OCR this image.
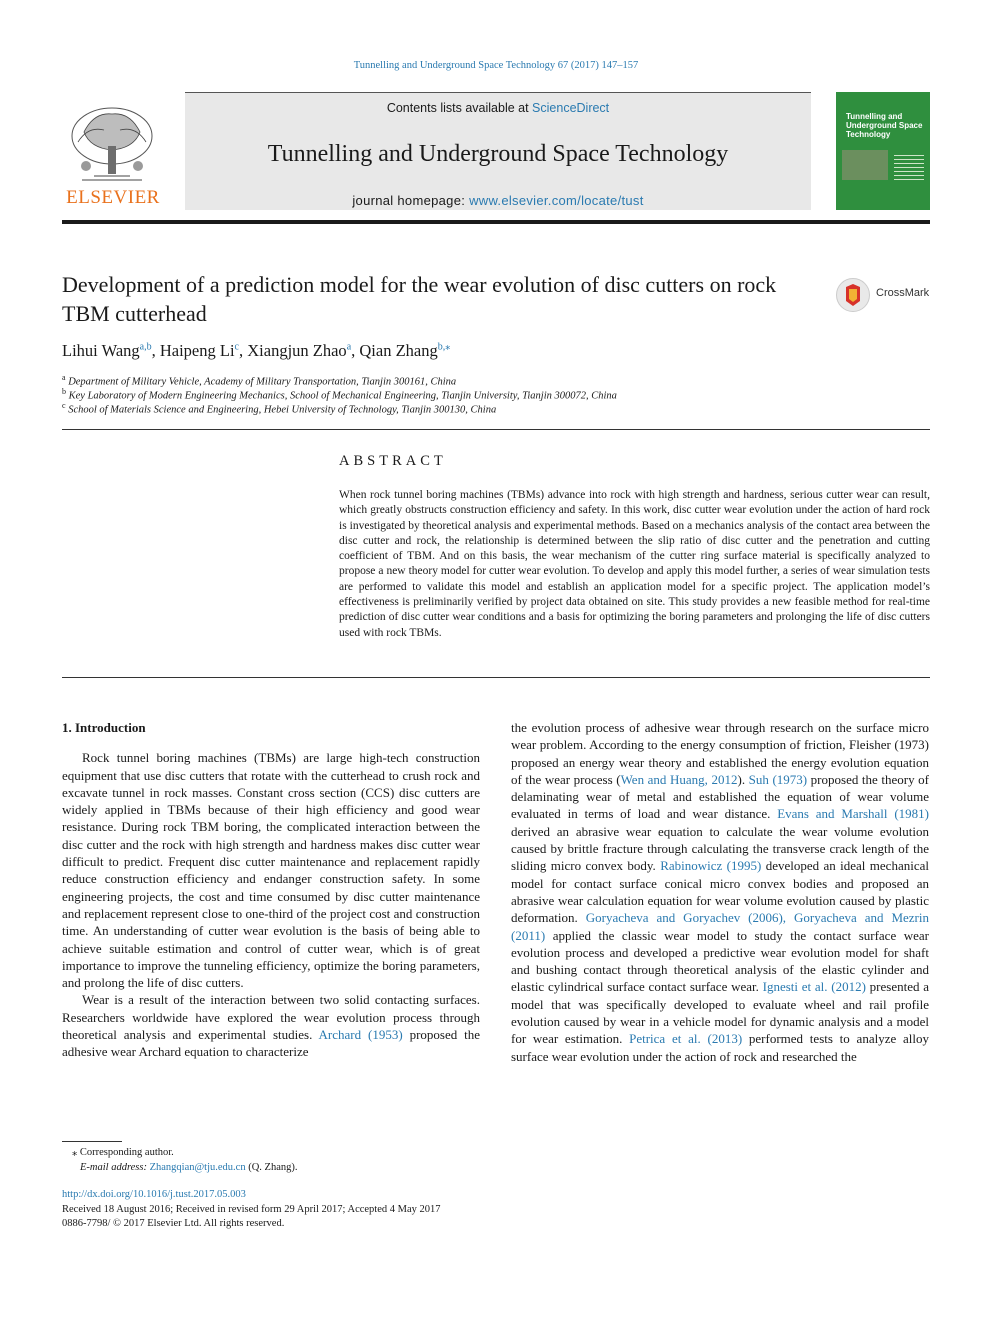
Tunnelling and Underground Space Technology 67 (2017) 147–157
ELSEVIER
Contents lists available at ScienceDirect
Tunnelling and Underground Space Technology
journal homepage: www.elsevier.com/locate/tust
Tunnelling and Underground Space Technology
Development of a prediction model for the wear evolution of disc cutters on rock TBM cutterhead
CrossMark
Lihui Wang$^{a,b}$, Haipeng Li$^c$, Xiangjun Zhao$^a$, Qian Zhang$^{b,⁎}$
$^a$ Department of Military Vehicle, Academy of Military Transportation, Tianjin 300161, China
$^b$ Key Laboratory of Modern Engineering Mechanics, School of Mechanical Engineering, Tianjin University, Tianjin 300072, China
$^c$ School of Materials Science and Engineering, Hebei University of Technology, Tianjin 300130, China
ABSTRACT
When rock tunnel boring machines (TBMs) advance into rock with high strength and hardness, serious cutter wear can result, which greatly obstructs construction efficiency and safety. In this work, disc cutter wear evolution under the action of hard rock is investigated by theoretical analysis and experimental methods. Based on a mechanics analysis of the contact area between the disc cutter and rock, the relationship is determined between the slip ratio of disc cutter and the penetration and cutting coefficient of TBM. And on this basis, the wear mechanism of the cutter ring surface material is specifically analyzed to propose a new theory model for cutter wear evolution. To develop and apply this model further, a series of wear simulation tests are performed to validate this model and establish an application model for a specific project. The application model’s effectiveness is preliminarily verified by project data obtained on site. This study provides a new feasible method for real-time prediction of disc cutter wear conditions and a basis for optimizing the boring parameters and prolonging the life of disc cutters used with rock TBMs.

1. Introduction

Rock tunnel boring machines (TBMs) are large high-tech construction equipment that use disc cutters that rotate with the cutterhead to crush rock and excavate tunnel in rock masses. Constant cross section (CCS) disc cutters are widely applied in TBMs because of their high efficiency and good wear resistance. During rock TBM boring, the complicated interaction between the disc cutter and the rock with high strength and hardness makes disc cutter wear difficult to predict. Frequent disc cutter maintenance and replacement rapidly reduce construction efficiency and endanger construction safety. In some engineering projects, the cost and time consumed by disc cutter maintenance and replacement represent close to one-third of the project cost and construction time. An understanding of cutter wear evolution is the basis of being able to achieve suitable estimation and control of cutter wear, which is of great importance to improve the tunneling efficiency, optimize the boring parameters, and prolong the life of disc cutters.

Wear is a result of the interaction between two solid contacting surfaces. Researchers worldwide have explored the wear evolution process through theoretical analysis and experimental studies. Archard (1953) proposed the adhesive wear Archard equation to characterize

the evolution process of adhesive wear through research on the surface micro wear problem. According to the energy consumption of friction, Fleisher (1973) proposed an energy wear theory and established the energy evolution equation of the wear process (Wen and Huang, 2012). Suh (1973) proposed the theory of delaminating wear of metal and established the equation of wear volume evaluated in terms of load and wear distance. Evans and Marshall (1981) derived an abrasive wear equation to calculate the wear volume evolution caused by brittle fracture through calculating the transverse crack length of the sliding micro convex body. Rabinowicz (1995) developed an ideal mechanical model for contact surface conical micro convex bodies and proposed an abrasive wear calculation equation for wear volume evolution caused by plastic deformation. Goryacheva and Goryachev (2006), Goryacheva and Mezrin (2011) applied the classic wear model to study the contact surface wear evolution process and developed a predictive wear evolution model for shaft and bushing contact through theoretical analysis of the elastic cylinder and elastic cylindrical surface contact surface wear. Ignesti et al. (2012) presented a model that was specifically developed to evaluate wheel and rail profile evolution caused by wear in a vehicle model for dynamic analysis and a model for wear estimation. Petrica et al. (2013) performed tests to analyze alloy surface wear evolution under the action of rock and researched the

⁎ Corresponding author.
E-mail address: Zhangqian@tju.edu.cn (Q. Zhang).
http://dx.doi.org/10.1016/j.tust.2017.05.003
Received 18 August 2016; Received in revised form 29 April 2017; Accepted 4 May 2017
0886-7798/ © 2017 Elsevier Ltd. All rights reserved.
